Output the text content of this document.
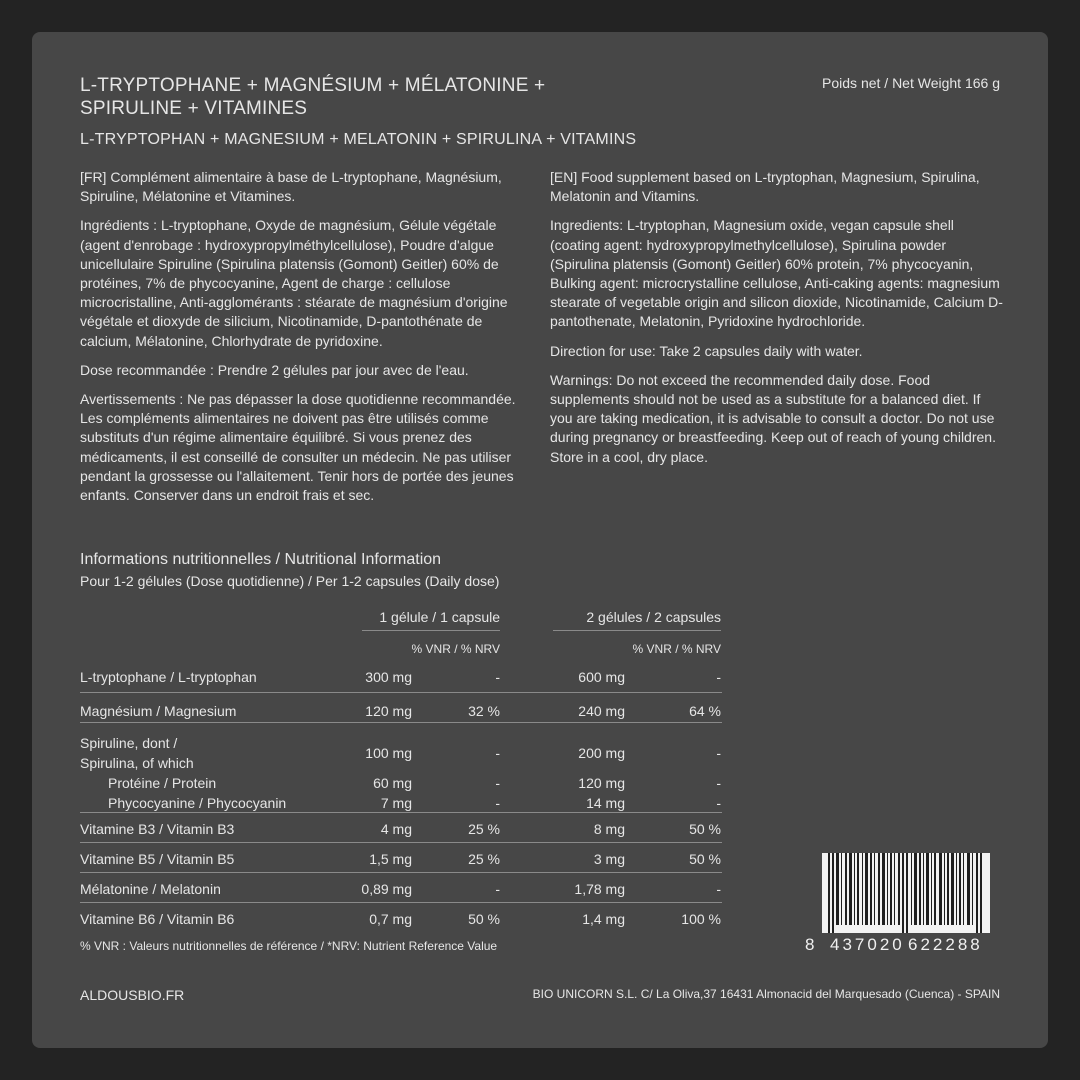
L-TRYPTOPHANE + MAGNÉSIUM + MÉLATONINE + SPIRULINE + VITAMINES
L-TRYPTOPHAN + MAGNESIUM + MELATONIN + SPIRULINA + VITAMINS
Poids net / Net Weight 166 g

[FR] Complément alimentaire à base de L-tryptophane, Magnésium, Spiruline, Mélatonine et Vitamines.

Ingrédients : L-tryptophane, Oxyde de magnésium, Gélule végétale (agent d'enrobage : hydroxypropylméthylcellulose), Poudre d'algue unicellulaire Spiruline (Spirulina platensis (Gomont) Geitler) 60% de protéines, 7% de phycocyanine, Agent de charge : cellulose microcristalline, Anti-agglomérants : stéarate de magnésium d'origine végétale et dioxyde de silicium, Nicotinamide, D-pantothénate de calcium, Mélatonine, Chlorhydrate de pyridoxine.

Dose recommandée : Prendre 2 gélules par jour avec de l'eau.

Avertissements : Ne pas dépasser la dose quotidienne recommandée. Les compléments alimentaires ne doivent pas être utilisés comme substituts d'un régime alimentaire équilibré. Si vous prenez des médicaments, il est conseillé de consulter un médecin. Ne pas utiliser pendant la grossesse ou l'allaitement. Tenir hors de portée des jeunes enfants. Conserver dans un endroit frais et sec.

[EN] Food supplement based on L-tryptophan, Magnesium, Spirulina, Melatonin and Vitamins.

Ingredients: L-tryptophan, Magnesium oxide, vegan capsule shell (coating agent: hydroxypropylmethylcellulose), Spirulina powder (Spirulina platensis (Gomont) Geitler) 60% protein, 7% phycocyanin, Bulking agent: microcrystalline cellulose, Anti-caking agents: magnesium stearate of vegetable origin and silicon dioxide, Nicotinamide, Calcium D-pantothenate, Melatonin, Pyridoxine hydrochloride.

Direction for use: Take 2 capsules daily with water.

Warnings: Do not exceed the recommended daily dose. Food supplements should not be used as a substitute for a balanced diet. If you are taking medication, it is advisable to consult a doctor. Do not use during pregnancy or breastfeeding. Keep out of reach of young children. Store in a cool, dry place.

Informations nutritionnelles / Nutritional Information
Pour 1-2 gélules (Dose quotidienne) / Per 1-2 capsules (Daily dose)
1 gélule / 1 capsule	2 gélules / 2 capsules
% VNR / % NRV	% VNR / % NRV
L-tryptophane / L-tryptophan	300 mg	-	600 mg	-
Magnésium / Magnesium	120 mg	32 %	240 mg	64 %
Spiruline, dont /
Spirulina, of which
100 mg	-	200 mg	-
Protéine / Protein	60 mg	-	120 mg	-
Phycocyanine / Phycocyanin	7 mg	-	14 mg	-
Vitamine B3 / Vitamin B3	4 mg	25 %	8 mg	50 %
Vitamine B5 / Vitamin B5	1,5 mg	25 %	3 mg	50 %
Mélatonine / Melatonin	0,89 mg	-	1,78 mg	-
Vitamine B6 / Vitamin B6	0,7 mg	50 %	1,4 mg	100 %
% VNR : Valeurs nutritionnelles de référence / *NRV: Nutrient Reference Value	8 437020 622288
ALDOUSBIO.FR	BIO UNICORN S.L. C/ La Oliva,37 16431 Almonacid del Marquesado (Cuenca) - SPAIN
